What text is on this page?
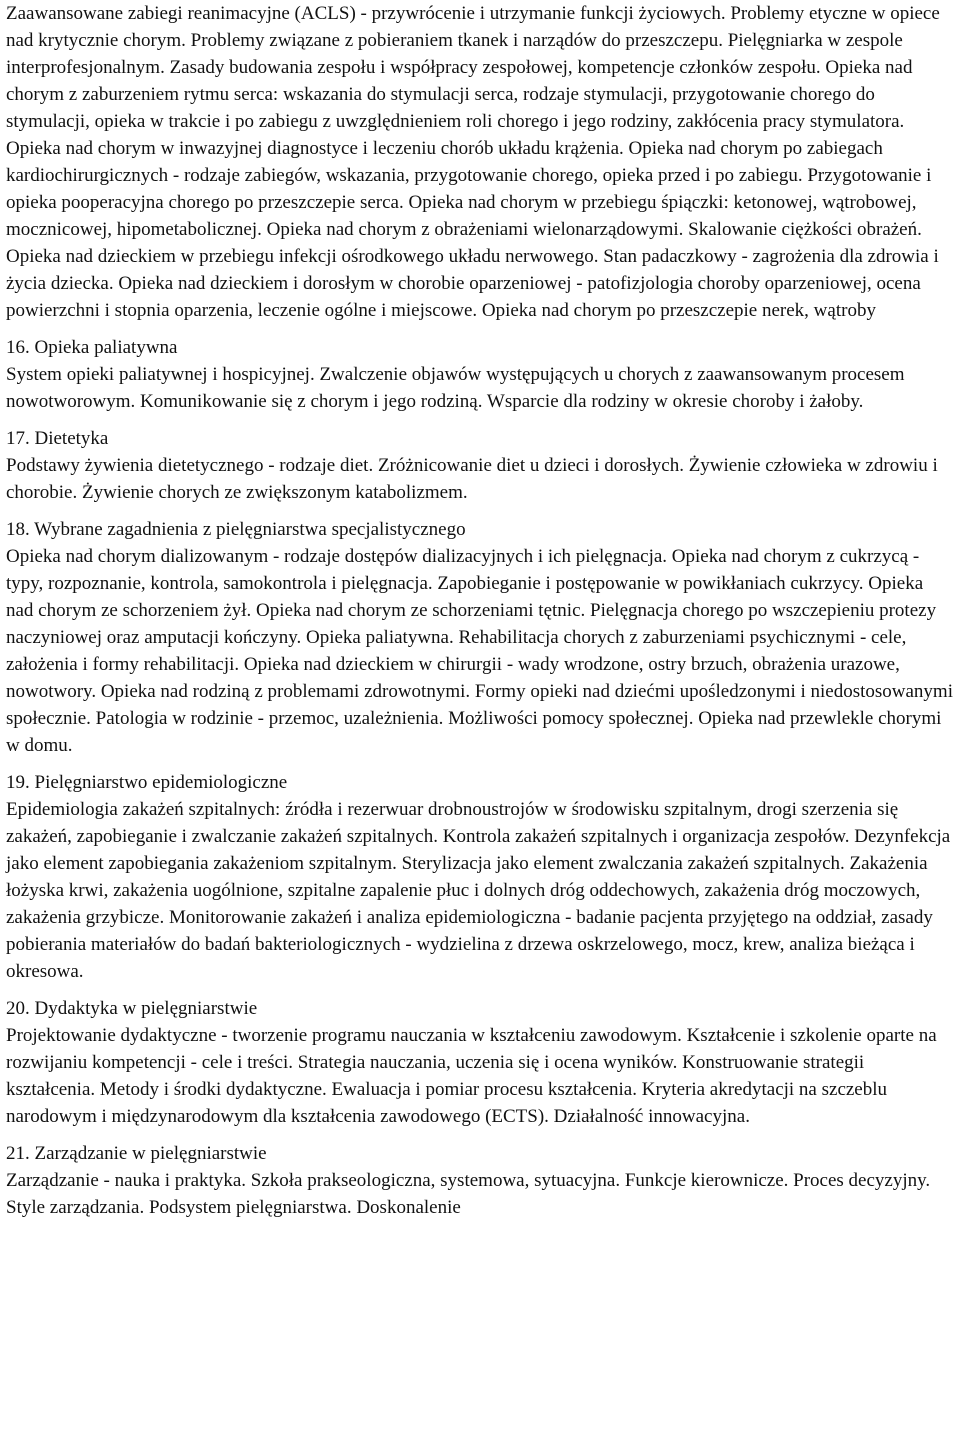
Zaawansowane zabiegi reanimacyjne (ACLS) - przywrócenie i utrzymanie funkcji życiowych. Problemy etyczne w opiece nad krytycznie chorym. Problemy związane z pobieraniem tkanek i narządów do przeszczepu. Pielęgniarka w zespole interprofesjonalnym. Zasady budowania zespołu i współpracy zespołowej, kompetencje członków zespołu. Opieka nad chorym z zaburzeniem rytmu serca: wskazania do stymulacji serca, rodzaje stymulacji, przygotowanie chorego do stymulacji, opieka w trakcie i po zabiegu z uwzględnieniem roli chorego i jego rodziny, zakłócenia pracy stymulatora. Opieka nad chorym w inwazyjnej diagnostyce i leczeniu chorób układu krążenia. Opieka nad chorym po zabiegach kardiochirurgicznych - rodzaje zabiegów, wskazania, przygotowanie chorego, opieka przed i po zabiegu. Przygotowanie i opieka pooperacyjna chorego po przeszczepie serca. Opieka nad chorym w przebiegu śpiączki: ketonowej, wątrobowej, mocznicowej, hipometabolicznej. Opieka nad chorym z obrażeniami wielonarządowymi. Skalowanie ciężkości obrażeń. Opieka nad dzieckiem w przebiegu infekcji ośrodkowego układu nerwowego. Stan padaczkowy - zagrożenia dla zdrowia i życia dziecka. Opieka nad dzieckiem i dorosłym w chorobie oparzeniowej - patofizjologia choroby oparzeniowej, ocena powierzchni i stopnia oparzenia, leczenie ogólne i miejscowe. Opieka nad chorym po przeszczepie nerek, wątroby

16. Opieka paliatywna

System opieki paliatywnej i hospicyjnej. Zwalczenie objawów występujących u chorych z zaawansowanym procesem nowotworowym. Komunikowanie się z chorym i jego rodziną. Wsparcie dla rodziny w okresie choroby i żałoby.

17. Dietetyka

Podstawy żywienia dietetycznego - rodzaje diet. Zróżnicowanie diet u dzieci i dorosłych. Żywienie człowieka w zdrowiu i chorobie. Żywienie chorych ze zwiększonym katabolizmem.

18. Wybrane zagadnienia z pielęgniarstwa specjalistycznego

Opieka nad chorym dializowanym - rodzaje dostępów dializacyjnych i ich pielęgnacja. Opieka nad chorym z cukrzycą - typy, rozpoznanie, kontrola, samokontrola i pielęgnacja. Zapobieganie i postępowanie w powikłaniach cukrzycy. Opieka nad chorym ze schorzeniem żył. Opieka nad chorym ze schorzeniami tętnic. Pielęgnacja chorego po wszczepieniu protezy naczyniowej oraz amputacji kończyny. Opieka paliatywna. Rehabilitacja chorych z zaburzeniami psychicznymi - cele, założenia i formy rehabilitacji. Opieka nad dzieckiem w chirurgii - wady wrodzone, ostry brzuch, obrażenia urazowe, nowotwory. Opieka nad rodziną z problemami zdrowotnymi. Formy opieki nad dziećmi upośledzonymi i niedostosowanymi społecznie. Patologia w rodzinie - przemoc, uzależnienia. Możliwości pomocy społecznej. Opieka nad przewlekle chorymi w domu.

19. Pielęgniarstwo epidemiologiczne

Epidemiologia zakażeń szpitalnych: źródła i rezerwuar drobnoustrojów w środowisku szpitalnym, drogi szerzenia się zakażeń, zapobieganie i zwalczanie zakażeń szpitalnych. Kontrola zakażeń szpitalnych i organizacja zespołów. Dezynfekcja jako element zapobiegania zakażeniom szpitalnym. Sterylizacja jako element zwalczania zakażeń szpitalnych. Zakażenia łożyska krwi, zakażenia uogólnione, szpitalne zapalenie płuc i dolnych dróg oddechowych, zakażenia dróg moczowych, zakażenia grzybicze. Monitorowanie zakażeń i analiza epidemiologiczna - badanie pacjenta przyjętego na oddział, zasady pobierania materiałów do badań bakteriologicznych - wydzielina z drzewa oskrzelowego, mocz, krew, analiza bieżąca i okresowa.

20. Dydaktyka w pielęgniarstwie

Projektowanie dydaktyczne - tworzenie programu nauczania w kształceniu zawodowym. Kształcenie i szkolenie oparte na rozwijaniu kompetencji - cele i treści. Strategia nauczania, uczenia się i ocena wyników. Konstruowanie strategii kształcenia. Metody i środki dydaktyczne. Ewaluacja i pomiar procesu kształcenia. Kryteria akredytacji na szczeblu narodowym i międzynarodowym dla kształcenia zawodowego (ECTS). Działalność innowacyjna.

21. Zarządzanie w pielęgniarstwie

Zarządzanie - nauka i praktyka. Szkoła prakseologiczna, systemowa, sytuacyjna. Funkcje kierownicze. Proces decyzyjny. Style zarządzania. Podsystem pielęgniarstwa. Doskonalenie
